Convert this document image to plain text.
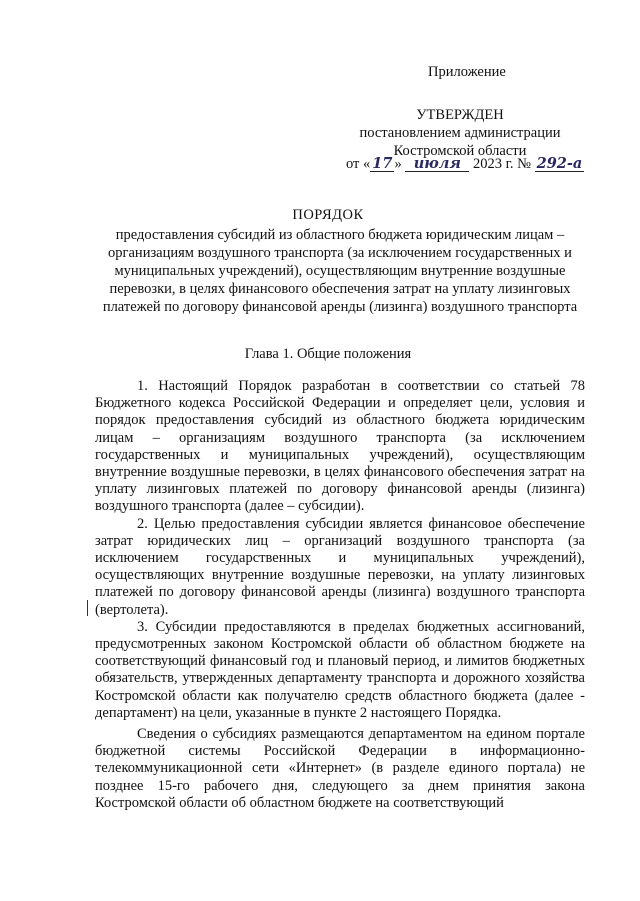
Приложение
УТВЕРЖДЕН
постановлением администрации
Костромской области
от « 17 » июля 2023 г. № 292-а
ПОРЯДОК
предоставления субсидий из областного бюджета юридическим лицам – организациям воздушного транспорта (за исключением государственных и муниципальных учреждений), осуществляющим внутренние воздушные перевозки, в целях финансового обеспечения затрат на уплату лизинговых платежей по договору финансовой аренды (лизинга) воздушного транспорта
Глава 1. Общие положения

1. Настоящий Порядок разработан в соответствии со статьей 78 Бюджетного кодекса Российской Федерации и определяет цели, условия и порядок предоставления субсидий из областного бюджета юридическим лицам – организациям воздушного транспорта (за исключением государственных и муниципальных учреждений), осуществляющим внутренние воздушные перевозки, в целях финансового обеспечения затрат на уплату лизинговых платежей по договору финансовой аренды (лизинга) воздушного транспорта (далее – субсидии).

2. Целью предоставления субсидии является финансовое обеспечение затрат юридических лиц – организаций воздушного транспорта (за исключением государственных и муниципальных учреждений), осуществляющих внутренние воздушные перевозки, на уплату лизинговых платежей по договору финансовой аренды (лизинга) воздушного транспорта (вертолета).

3. Субсидии предоставляются в пределах бюджетных ассигнований, предусмотренных законом Костромской области об областном бюджете на соответствующий финансовый год и плановый период, и лимитов бюджетных обязательств, утвержденных департаменту транспорта и дорожного хозяйства Костромской области как получателю средств областного бюджета (далее - департамент) на цели, указанные в пункте 2 настоящего Порядка.

Сведения о субсидиях размещаются департаментом на едином портале бюджетной системы Российской Федерации в информационно-телекоммуникационной сети «Интернет» (в разделе единого портала) не позднее 15-го рабочего дня, следующего за днем принятия закона Костромской области об областном бюджете на соответствующий
